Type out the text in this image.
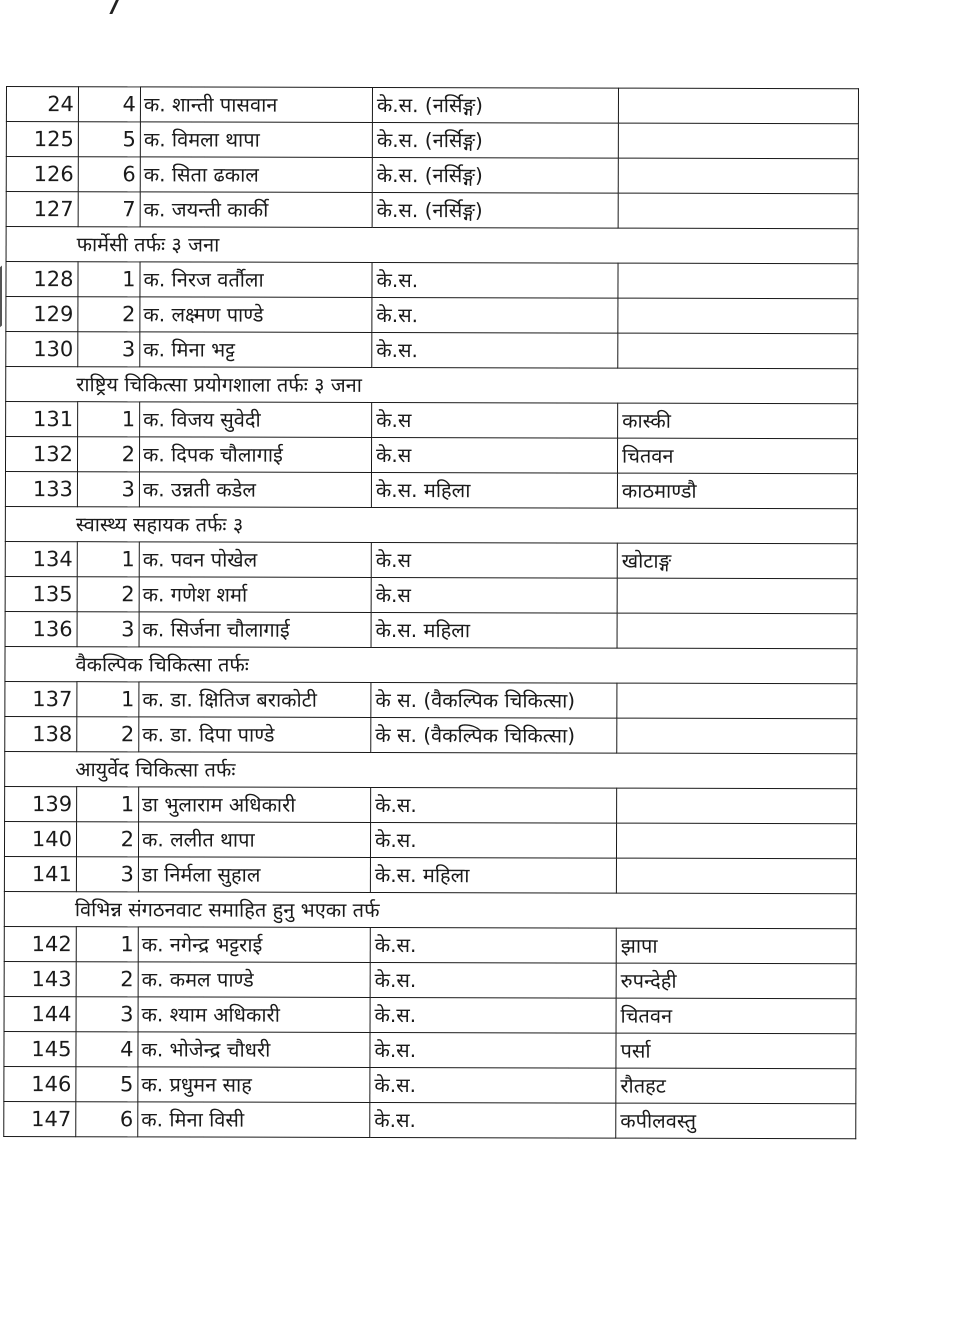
24	4	क. शान्ती पासवान	के.स. (नर्सिङ्ग)	
125	5	क. विमला थापा	के.स. (नर्सिङ्ग)	
126	6	क. सिता ढकाल	के.स. (नर्सिङ्ग)	
127	7	क. जयन्ती कार्की	के.स. (नर्सिङ्ग)	
फार्मेसी तर्फः ३ जना				
128	1	क. निरज वर्तौला	के.स.	
129	2	क. लक्ष्मण पाण्डे	के.स.	
130	3	क. मिना भट्ट	के.स.	
राष्ट्रिय चिकित्सा प्रयोगशाला तर्फः ३ जना				
131	1	क. विजय सुवेदी	के.स	कास्की
132	2	क. दिपक चौलागाई	के.स	चितवन
133	3	क. उन्नती कडेल	के.स. महिला	काठमाण्डौ
स्वास्थ्य सहायक तर्फः ३				
134	1	क. पवन पोखेल	के.स	खोटाङ्ग
135	2	क. गणेश शर्मा	के.स	
136	3	क. सिर्जना चौलागाई	के.स. महिला	
वैकल्पिक चिकित्सा तर्फः				
137	1	क. डा. क्षितिज बराकोटी	के स. (वैकल्पिक चिकित्सा)	
138	2	क. डा. दिपा पाण्डे	के स. (वैकल्पिक चिकित्सा)	
आयुर्वेद चिकित्सा तर्फः				
139	1	डा भुलाराम अधिकारी	के.स.	
140	2	क. ललीत थापा	के.स.	
141	3	डा निर्मला सुहाल	के.स. महिला	
विभिन्न संगठनवाट समाहित हुनु भएका तर्फ				
142	1	क. नगेन्द्र भट्टराई	के.स.	झापा
143	2	क. कमल पाण्डे	के.स.	रुपन्देही
144	3	क. श्याम अधिकारी	के.स.	चितवन
145	4	क. भोजेन्द्र चौधरी	के.स.	पर्सा
146	5	क. प्रधुमन साह	के.स.	रौतहट
147	6	क. मिना विसी	के.स.	कपीलवस्तु
